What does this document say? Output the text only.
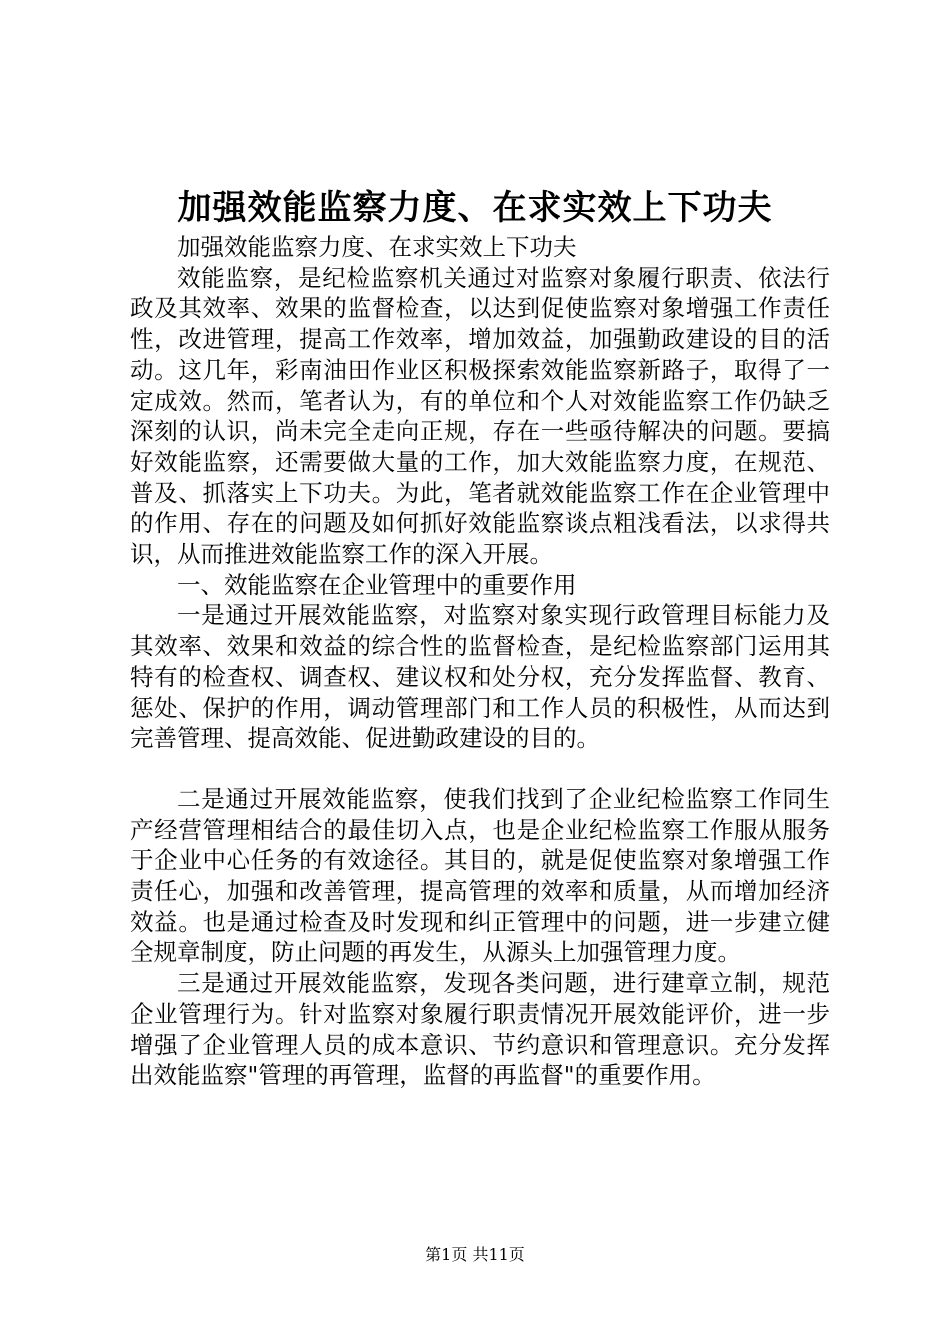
加强效能监察力度、在求实效上下功夫

加强效能监察力度、在求实效上下功夫

效能监察，是纪检监察机关通过对监察对象履行职责、依法行政及其效率、效果的监督检查，以达到促使监察对象增强工作责任性，改进管理，提高工作效率，增加效益，加强勤政建设的目的活动。这几年，彩南油田作业区积极探索效能监察新路子，取得了一定成效。然而，笔者认为，有的单位和个人对效能监察工作仍缺乏深刻的认识，尚未完全走向正规，存在一些亟待解决的问题。要搞好效能监察，还需要做大量的工作，加大效能监察力度，在规范、普及、抓落实上下功夫。为此，笔者就效能监察工作在企业管理中的作用、存在的问题及如何抓好效能监察谈点粗浅看法，以求得共识，从而推进效能监察工作的深入开展。

一、效能监察在企业管理中的重要作用

一是通过开展效能监察，对监察对象实现行政管理目标能力及其效率、效果和效益的综合性的监督检查，是纪检监察部门运用其特有的检查权、调查权、建议权和处分权，充分发挥监督、教育、惩处、保护的作用，调动管理部门和工作人员的积极性，从而达到完善管理、提高效能、促进勤政建设的目的。

二是通过开展效能监察，使我们找到了企业纪检监察工作同生产经营管理相结合的最佳切入点，也是企业纪检监察工作服从服务于企业中心任务的有效途径。其目的，就是促使监察对象增强工作责任心，加强和改善管理，提高管理的效率和质量，从而增加经济效益。也是通过检查及时发现和纠正管理中的问题，进一步建立健全规章制度，防止问题的再发生，从源头上加强管理力度。

三是通过开展效能监察，发现各类问题，进行建章立制，规范企业管理行为。针对监察对象履行职责情况开展效能评价，进一步增强了企业管理人员的成本意识、节约意识和管理意识。充分发挥出效能监察"管理的再管理，监督的再监督"的重要作用。

第1页 共11页
